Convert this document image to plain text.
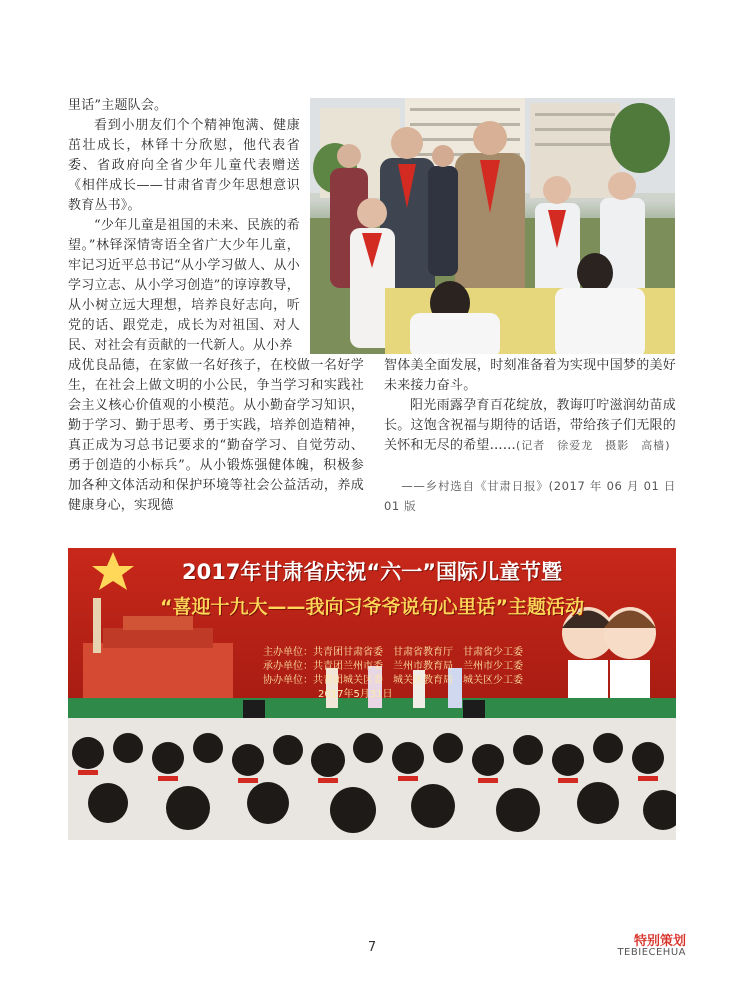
里话”主题队会。

看到小朋友们个个精神饱满、健康茁壮成长，林铎十分欣慰，他代表省委、省政府向全省少年儿童代表赠送《相伴成长——甘肃省青少年思想意识教育丛书》。

“少年儿童是祖国的未来、民族的希望。”林铎深情寄语全省广大少年儿童，牢记习近平总书记“从小学习做人、从小学习立志、从小学习创造”的谆谆教导，从小树立远大理想，培养良好志向，听党的话、跟党走，成长为对祖国、对人民、对社会有贡献的一代新人。从小养

成优良品德，在家做一名好孩子，在校做一名好学生，在社会上做文明的小公民，争当学习和实践社会主义核心价值观的小模范。从小勤奋学习知识，勤于学习、勤于思考、勇于实践，培养创造精神，真正成为习总书记要求的“勤奋学习、自觉劳动、勇于创造的小标兵”。从小锻炼强健体魄，积极参加各种文体活动和保护环境等社会公益活动，养成健康身心，实现德

智体美全面发展，时刻准备着为实现中国梦的美好未来接力奋斗。

阳光雨露孕育百花绽放，教诲叮咛滋润幼苗成长。这饱含祝福与期待的话语，带给孩子们无限的关怀和无尽的希望……(记者　徐爱龙　摄影　高樯)

——乡村选自《甘肃日报》(2017 年 06 月 01 日 01 版

2017年甘肃省庆祝“六一”国际儿童节暨
“喜迎十九大——我向习爷爷说句心里话”主题活动
主办单位：共青团甘肃省委　甘肃省教育厅　甘肃省少工委
承办单位：共青团兰州市委　兰州市教育局　兰州市少工委
协办单位：共青团城关区委　城关区教育局　城关区少工委
2017年5月31日
7	特别策划
TEBIECEHUA
